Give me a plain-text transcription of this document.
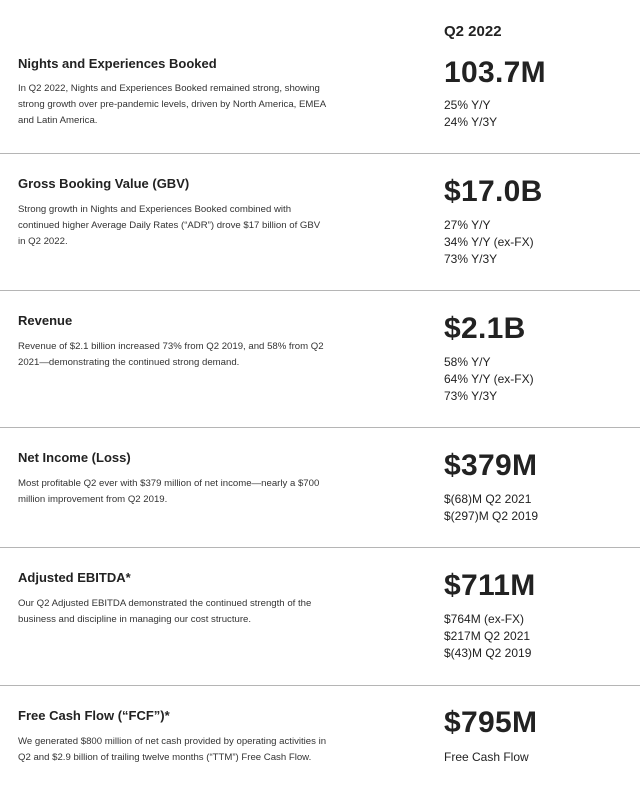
Q2 2022
Nights and Experiences Booked
In Q2 2022, Nights and Experiences Booked remained strong, showing strong growth over pre-pandemic levels, driven by North America, EMEA and Latin America.
103.7M
25% Y/Y
24% Y/3Y
Gross Booking Value (GBV)
Strong growth in Nights and Experiences Booked combined with continued higher Average Daily Rates (“ADR”) drove $17 billion of GBV in Q2 2022.
$17.0B
27% Y/Y
34% Y/Y (ex-FX)
73% Y/3Y
Revenue
Revenue of $2.1 billion increased 73% from Q2 2019, and 58% from Q2 2021—demonstrating the continued strong demand.
$2.1B
58% Y/Y
64% Y/Y (ex-FX)
73% Y/3Y
Net Income (Loss)
Most profitable Q2 ever with $379 million of net income—nearly a $700 million improvement from Q2 2019.
$379M
$(68)M Q2 2021
$(297)M Q2 2019
Adjusted EBITDA*
Our Q2 Adjusted EBITDA demonstrated the continued strength of the business and discipline in managing our cost structure.
$711M
$764M (ex-FX)
$217M Q2 2021
$(43)M Q2 2019
Free Cash Flow (“FCF”)*
We generated $800 million of net cash provided by operating activities in Q2 and $2.9 billion of trailing twelve months (“TTM”) Free Cash Flow.
$795M
Free Cash Flow
